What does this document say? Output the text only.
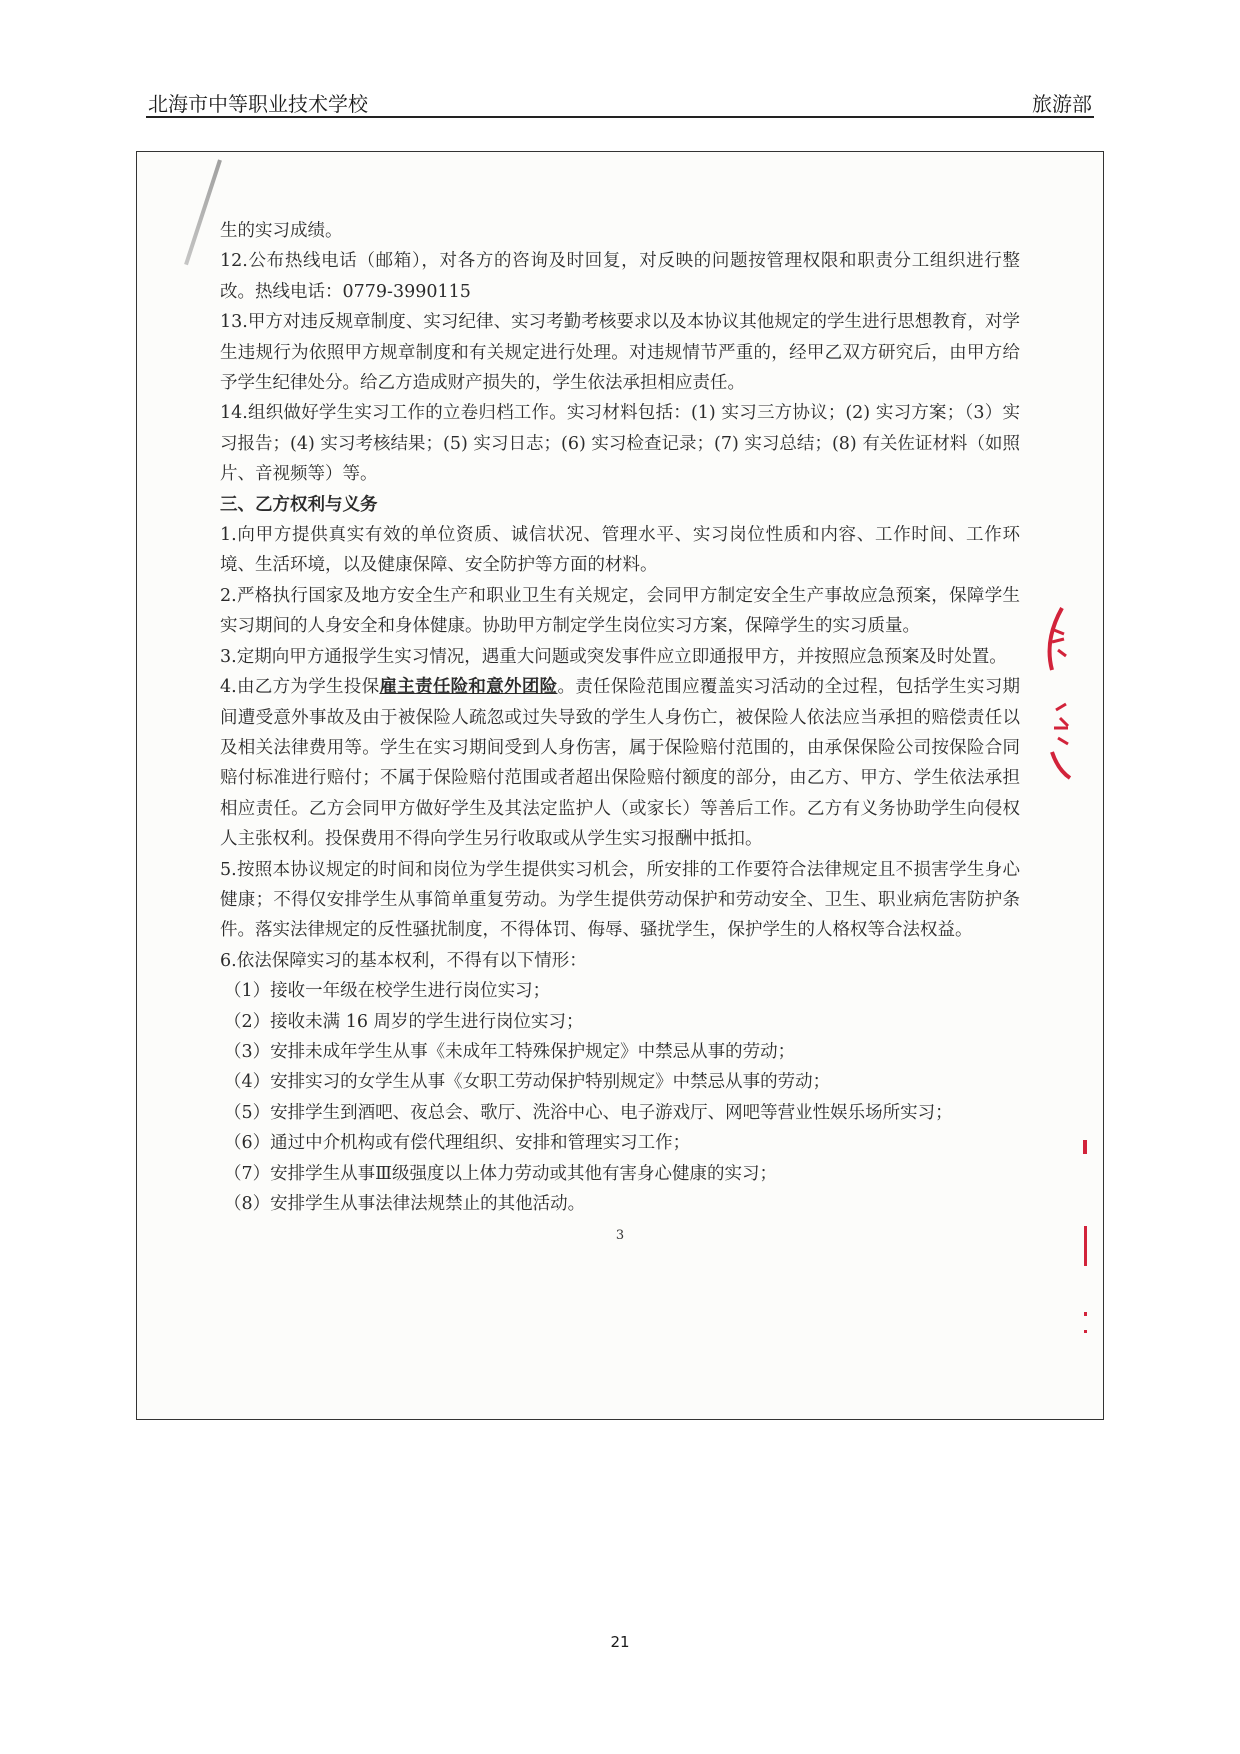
北海市中等职业技术学校	旅游部

生的实习成绩。

12.公布热线电话（邮箱），对各方的咨询及时回复，对反映的问题按管理权限和职责分工组织进行整改。热线电话：0779-3990115

13.甲方对违反规章制度、实习纪律、实习考勤考核要求以及本协议其他规定的学生进行思想教育，对学生违规行为依照甲方规章制度和有关规定进行处理。对违规情节严重的，经甲乙双方研究后，由甲方给予学生纪律处分。给乙方造成财产损失的，学生依法承担相应责任。

14.组织做好学生实习工作的立卷归档工作。实习材料包括：(1) 实习三方协议；(2) 实习方案；（3）实习报告；(4) 实习考核结果；(5) 实习日志；(6) 实习检查记录；(7) 实习总结；(8) 有关佐证材料（如照片、音视频等）等。

三、乙方权利与义务

1.向甲方提供真实有效的单位资质、诚信状况、管理水平、实习岗位性质和内容、工作时间、工作环境、生活环境，以及健康保障、安全防护等方面的材料。

2.严格执行国家及地方安全生产和职业卫生有关规定，会同甲方制定安全生产事故应急预案，保障学生实习期间的人身安全和身体健康。协助甲方制定学生岗位实习方案，保障学生的实习质量。

3.定期向甲方通报学生实习情况，遇重大问题或突发事件应立即通报甲方，并按照应急预案及时处置。

4.由乙方为学生投保雇主责任险和意外团险。责任保险范围应覆盖实习活动的全过程，包括学生实习期间遭受意外事故及由于被保险人疏忽或过失导致的学生人身伤亡，被保险人依法应当承担的赔偿责任以及相关法律费用等。学生在实习期间受到人身伤害，属于保险赔付范围的，由承保保险公司按保险合同赔付标准进行赔付；不属于保险赔付范围或者超出保险赔付额度的部分，由乙方、甲方、学生依法承担相应责任。乙方会同甲方做好学生及其法定监护人（或家长）等善后工作。乙方有义务协助学生向侵权人主张权利。投保费用不得向学生另行收取或从学生实习报酬中抵扣。

5.按照本协议规定的时间和岗位为学生提供实习机会，所安排的工作要符合法律规定且不损害学生身心健康；不得仅安排学生从事简单重复劳动。为学生提供劳动保护和劳动安全、卫生、职业病危害防护条件。落实法律规定的反性骚扰制度，不得体罚、侮辱、骚扰学生，保护学生的人格权等合法权益。

6.依法保障实习的基本权利，不得有以下情形：

（1）接收一年级在校学生进行岗位实习；

（2）接收未满 16 周岁的学生进行岗位实习；

（3）安排未成年学生从事《未成年工特殊保护规定》中禁忌从事的劳动；

（4）安排实习的女学生从事《女职工劳动保护特别规定》中禁忌从事的劳动；

（5）安排学生到酒吧、夜总会、歌厅、洗浴中心、电子游戏厅、网吧等营业性娱乐场所实习；

（6）通过中介机构或有偿代理组织、安排和管理实习工作；

（7）安排学生从事Ⅲ级强度以上体力劳动或其他有害身心健康的实习；

（8）安排学生从事法律法规禁止的其他活动。

3
21
